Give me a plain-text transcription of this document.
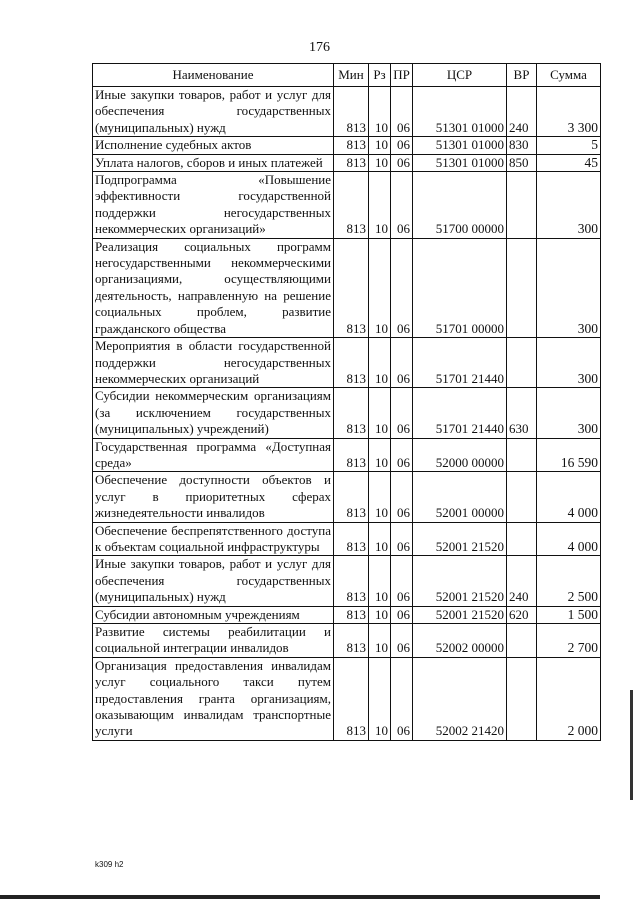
176
Наименование	Мин	Рз	ПР	ЦСР	ВР	Сумма
Иные закупки товаров, работ и услуг для обеспечения государственных (муниципальных) нужд	813	10	06	51301 01000	240	3 300
Исполнение судебных актов	813	10	06	51301 01000	830	5
Уплата налогов, сборов и иных платежей	813	10	06	51301 01000	850	45
Подпрограмма «Повышение эффективности государственной поддержки негосударственных некоммерческих организаций»	813	10	06	51700 00000		300
Реализация социальных программ негосударственными некоммерческими организациями, осуществляющими деятельность, направленную на решение социальных проблем, развитие гражданского общества	813	10	06	51701 00000		300
Мероприятия в области государственной поддержки негосударственных некоммерческих организаций	813	10	06	51701 21440		300
Субсидии некоммерческим организациям (за исключением государственных (муниципальных) учреждений)	813	10	06	51701 21440	630	300
Государственная программа «Доступная среда»	813	10	06	52000 00000		16 590
Обеспечение доступности объектов и услуг в приоритетных сферах жизнедеятельности инвалидов	813	10	06	52001 00000		4 000
Обеспечение беспрепятственного доступа к объектам социальной инфраструктуры	813	10	06	52001 21520		4 000
Иные закупки товаров, работ и услуг для обеспечения государственных (муниципальных) нужд	813	10	06	52001 21520	240	2 500
Субсидии автономным учреждениям	813	10	06	52001 21520	620	1 500
Развитие системы реабилитации и социальной интеграции инвалидов	813	10	06	52002 00000		2 700
Организация предоставления инвалидам услуг социального такси путем предоставления гранта организациям, оказывающим инвалидам транспортные услуги	813	10	06	52002 21420		2 000
k309 h2
